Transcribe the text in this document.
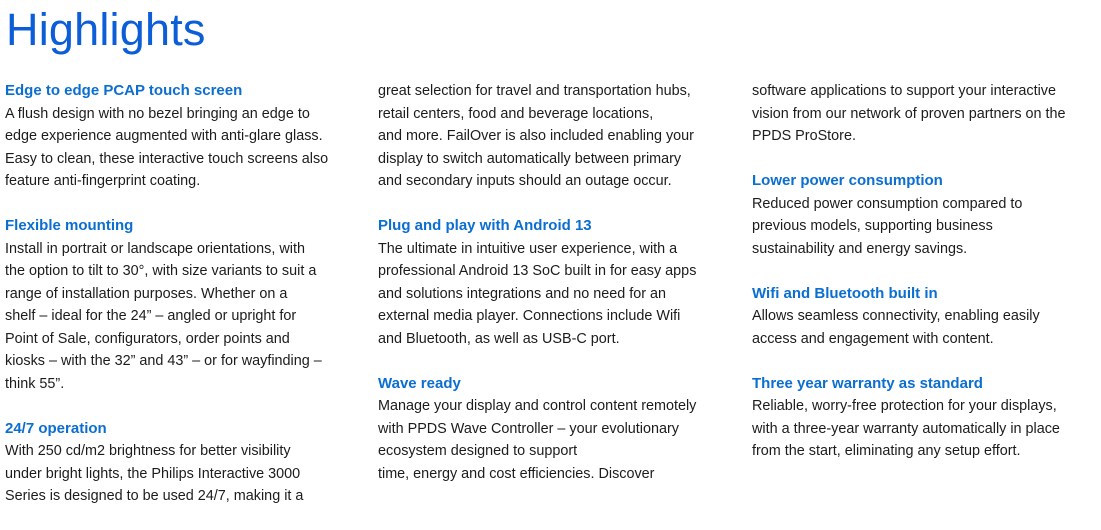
Highlights
Edge to edge PCAP touch screen

A flush design with no bezel bringing an edge to
edge experience augmented with anti-glare glass.
Easy to clean, these interactive touch screens also
feature anti-fingerprint coating.

Flexible mounting

Install in portrait or landscape orientations, with
the option to tilt to 30°, with size variants to suit a
range of installation purposes. Whether on a
shelf – ideal for the 24” – angled or upright for
Point of Sale, configurators, order points and
kiosks – with the 32” and 43” – or for wayfinding –
think 55”.

24/7 operation

With 250 cd/m2 brightness for better visibility
under bright lights, the Philips Interactive 3000
Series is designed to be used 24/7, making it a

great selection for travel and transportation hubs,
retail centers, food and beverage locations,
and more. FailOver is also included enabling your
display to switch automatically between primary
and secondary inputs should an outage occur.

Plug and play with Android 13

The ultimate in intuitive user experience, with a
professional Android 13 SoC built in for easy apps
and solutions integrations and no need for an
external media player. Connections include Wifi
and Bluetooth, as well as USB-C port.

Wave ready

Manage your display and control content remotely
with PPDS Wave Controller – your evolutionary
ecosystem designed to support
time, energy and cost efficiencies. Discover

software applications to support your interactive
vision from our network of proven partners on the
PPDS ProStore.

Lower power consumption

Reduced power consumption compared to
previous models, supporting business
sustainability and energy savings.

Wifi and Bluetooth built in

Allows seamless connectivity, enabling easily
access and engagement with content.

Three year warranty as standard

Reliable, worry-free protection for your displays,
with a three-year warranty automatically in place
from the start, eliminating any setup effort.
